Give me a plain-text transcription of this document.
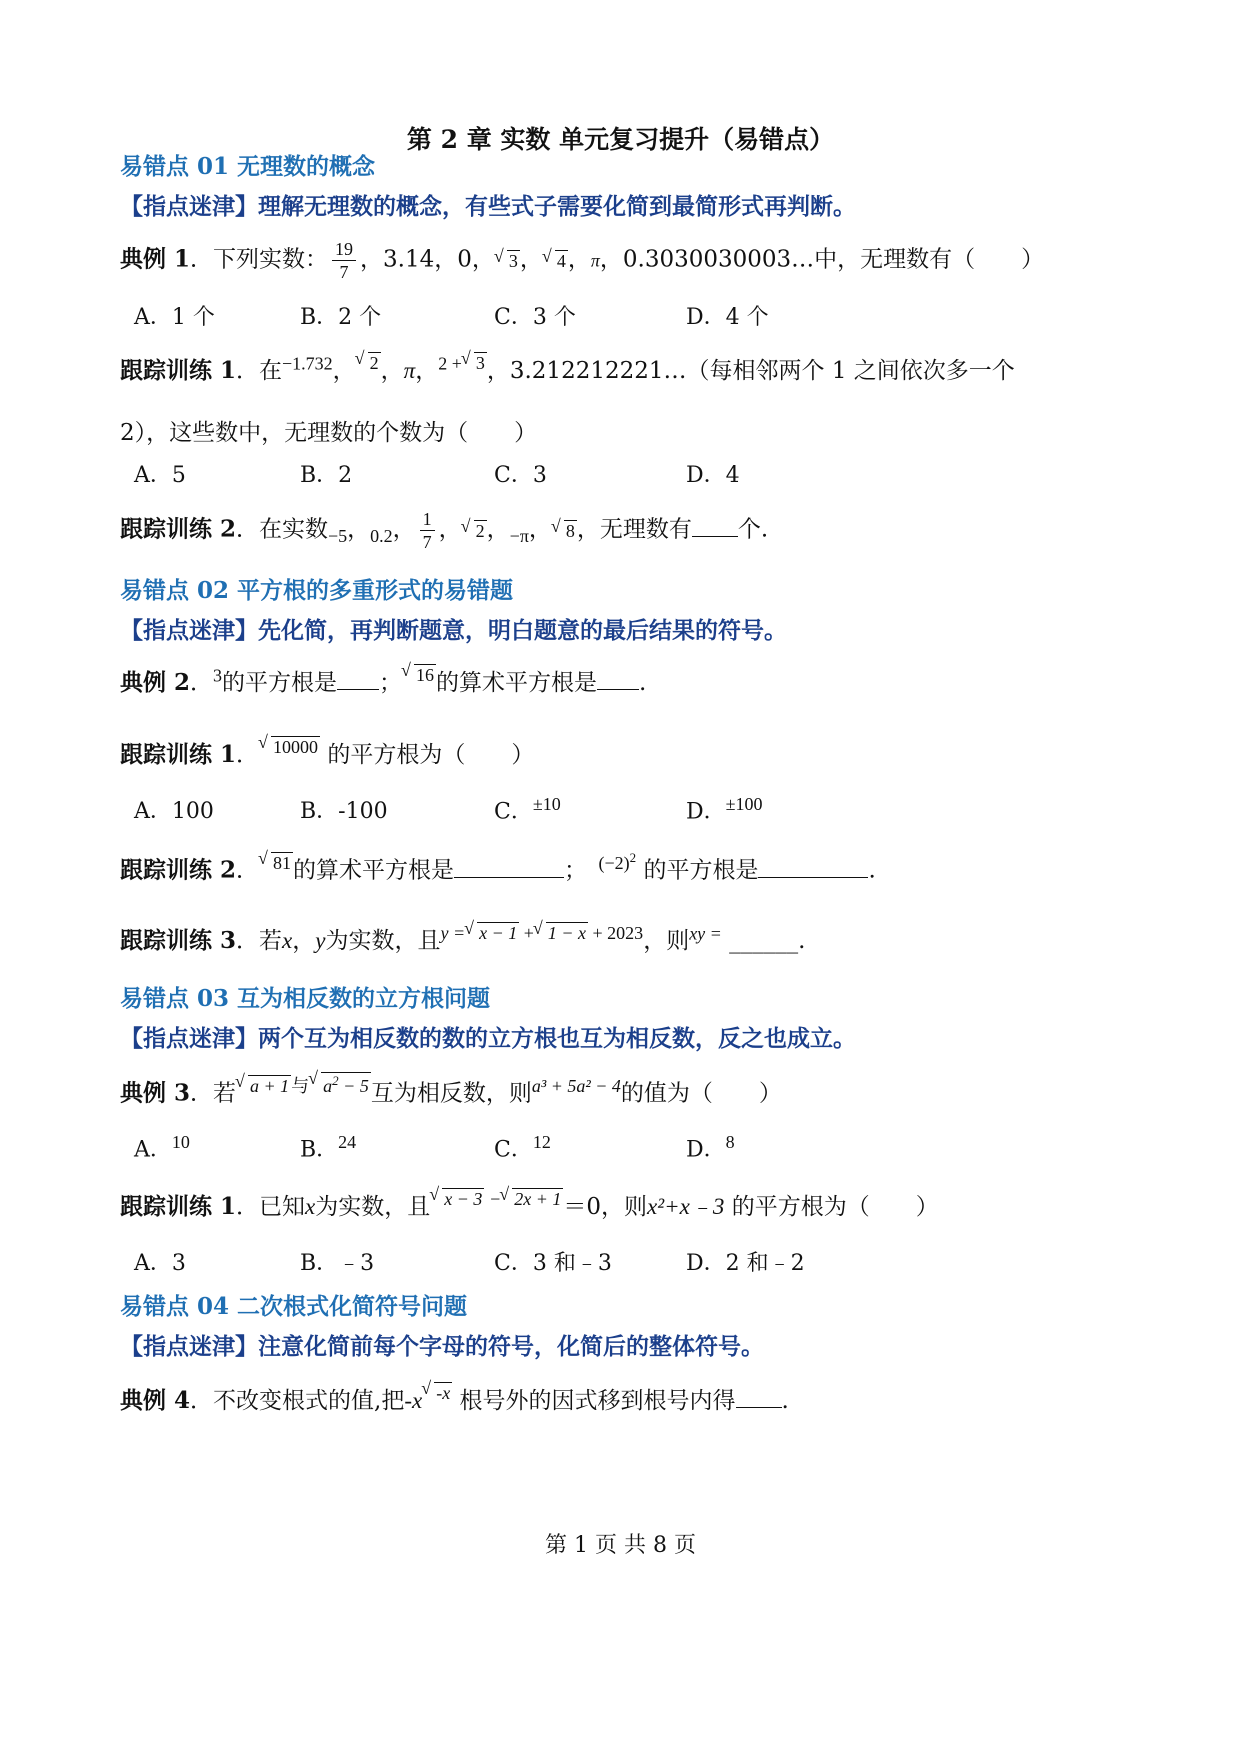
第 2 章 实数 单元复习提升（易错点）
易错点 01 无理数的概念
【指点迷津】理解无理数的概念，有些式子需要化简到最简形式再判断。
典例 1．下列实数： $\frac{19}{7}$ ，3.14，0， √ 3， √ 4，π，0.3030030003…中，无理数有（　　）
A．1 个	B．2 个	C．3 个	D．4 个
跟踪训练 1．在$^{-1.732}$， √ $^2$，π，$^{2 +}$ √ $^3$，3.212212221…（每相邻两个 1 之间依次多一个
2），这些数中，无理数的个数为（　　）
A．5	B．2	C．3	D．4
跟踪训练 2．在实数$_{-5}$，$_{0.2}$， $\frac{1}{7}$ ， √ 2，$_{-\pi}$， √ 8，无理数有 个.
易错点 02 平方根的多重形式的易错题
【指点迷津】先化简，再判断题意，明白题意的最后结果的符号。
典例 2．$^3$的平方根是 ； √ $^{16}$的算术平方根是 .
跟踪训练 1． √ $^{10000}$ 的平方根为（　　）
A．100	B．-100	C．$^{\pm 10}$	D．$^{\pm 100}$
跟踪训练 2． √ $^{81}$的算术平方根是	；　$^{(-2)^2}$ 的平方根是	.
跟踪训练 3．若x，y为实数，且$^{y = √ x - 1 + √ 1 - x + 2023}$，则$^{xy =}$ ______.
易错点 03 互为相反数的立方根问题
【指点迷津】两个互为相反数的数的立方根也互为相反数，反之也成立。
典例 3．若 √ $^{a + 1 与 √ a^2 - 5}$互为相反数，则$^{a^3 + 5a^2 - 4}$的值为（　　）
A．$^{10}$	B．$^{24}$	C．$^{12}$	D．$^8$
跟踪训练 1．已知x为实数，且 √ $^{x - 3 - √ 2x + 1}$＝0，则x²+x﹣3 的平方根为（　　）
A．3	B．﹣3	C．3 和﹣3	D．2 和﹣2
易错点 04 二次根式化简符号问题
【指点迷津】注意化简前每个字母的符号，化简后的整体符号。
典例 4．不改变根式的值,把-x √ $^{-x}$ 根号外的因式移到根号内得 .
第 1 页 共 8 页
